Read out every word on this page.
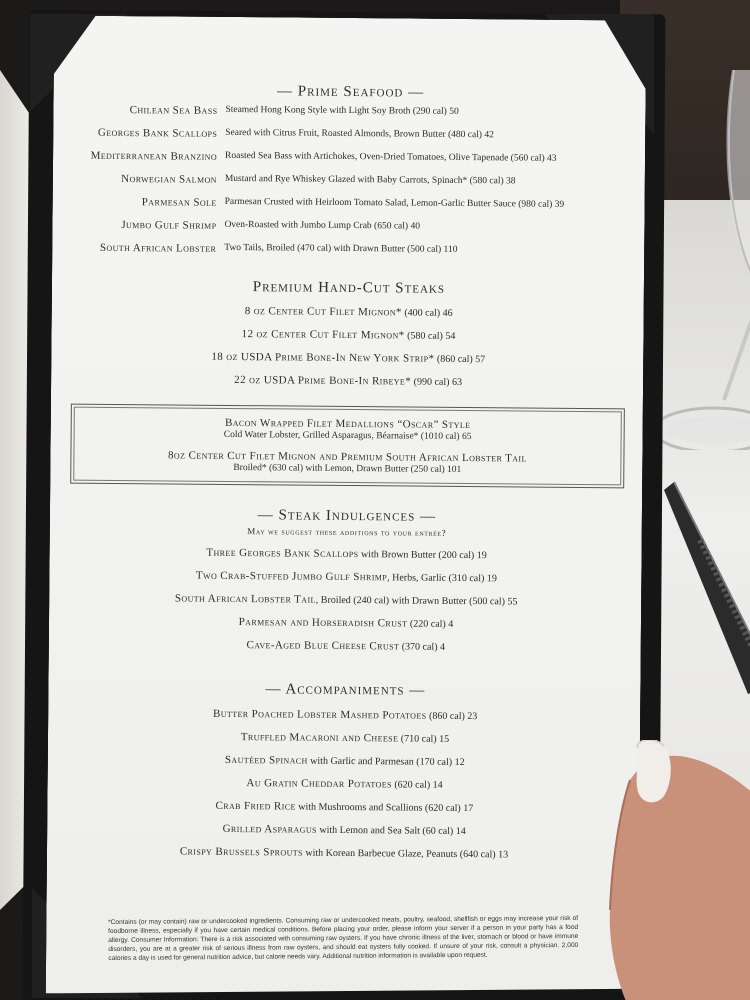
— Prime Seafood —
Chilean Sea Bass Steamed Hong Kong Style with Light Soy Broth (290 cal) 50
Georges Bank Scallops Seared with Citrus Fruit, Roasted Almonds, Brown Butter (480 cal) 42
Mediterranean Branzino Roasted Sea Bass with Artichokes, Oven-Dried Tomatoes, Olive Tapenade (560 cal) 43
Norwegian Salmon Mustard and Rye Whiskey Glazed with Baby Carrots, Spinach* (580 cal) 38
Parmesan Sole Parmesan Crusted with Heirloom Tomato Salad, Lemon-Garlic Butter Sauce (980 cal) 39
Jumbo Gulf Shrimp Oven-Roasted with Jumbo Lump Crab (650 cal) 40
South African Lobster Two Tails, Broiled (470 cal) with Drawn Butter (500 cal) 110
Premium Hand-Cut Steaks
8 oz Center Cut Filet Mignon* (400 cal) 46
12 oz Center Cut Filet Mignon* (580 cal) 54
18 oz USDA Prime Bone-In New York Strip* (860 cal) 57
22 oz USDA Prime Bone-In Ribeye* (990 cal) 63
Bacon Wrapped Filet Medallions “Oscar” Style
Cold Water Lobster, Grilled Asparagus, Béarnaise* (1010 cal) 65
8oz Center Cut Filet Mignon and Premium South African Lobster Tail
Broiled* (630 cal) with Lemon, Drawn Butter (250 cal) 101
— Steak Indulgences —
May we suggest these additions to your entrée?
Three Georges Bank Scallops with Brown Butter (200 cal) 19
Two Crab-Stuffed Jumbo Gulf Shrimp, Herbs, Garlic (310 cal) 19
South African Lobster Tail, Broiled (240 cal) with Drawn Butter (500 cal) 55
Parmesan and Horseradish Crust (220 cal) 4
Cave-Aged Blue Cheese Crust (370 cal) 4
— Accompaniments —
Butter Poached Lobster Mashed Potatoes (860 cal) 23
Truffled Macaroni and Cheese (710 cal) 15
Sautéed Spinach with Garlic and Parmesan (170 cal) 12
Au Gratin Cheddar Potatoes (620 cal) 14
Crab Fried Rice with Mushrooms and Scallions (620 cal) 17
Grilled Asparagus with Lemon and Sea Salt (60 cal) 14
Crispy Brussels Sprouts with Korean Barbecue Glaze, Peanuts (640 cal) 13
*Contains (or may contain) raw or undercooked ingredients. Consuming raw or undercooked meats, poultry, seafood, shellfish or eggs may increase your risk of foodborne illness, especially if you have certain medical conditions. Before placing your order, please inform your server if a person in your party has a food allergy. Consumer Information: There is a risk associated with consuming raw oysters. If you have chronic illness of the liver, stomach or blood or have immune disorders, you are at a greater risk of serious illness from raw oysters, and should eat oysters fully cooked. If unsure of your risk, consult a physician. 2,000 calories a day is used for general nutrition advice, but calorie needs vary. Additional nutrition information is available upon request.
